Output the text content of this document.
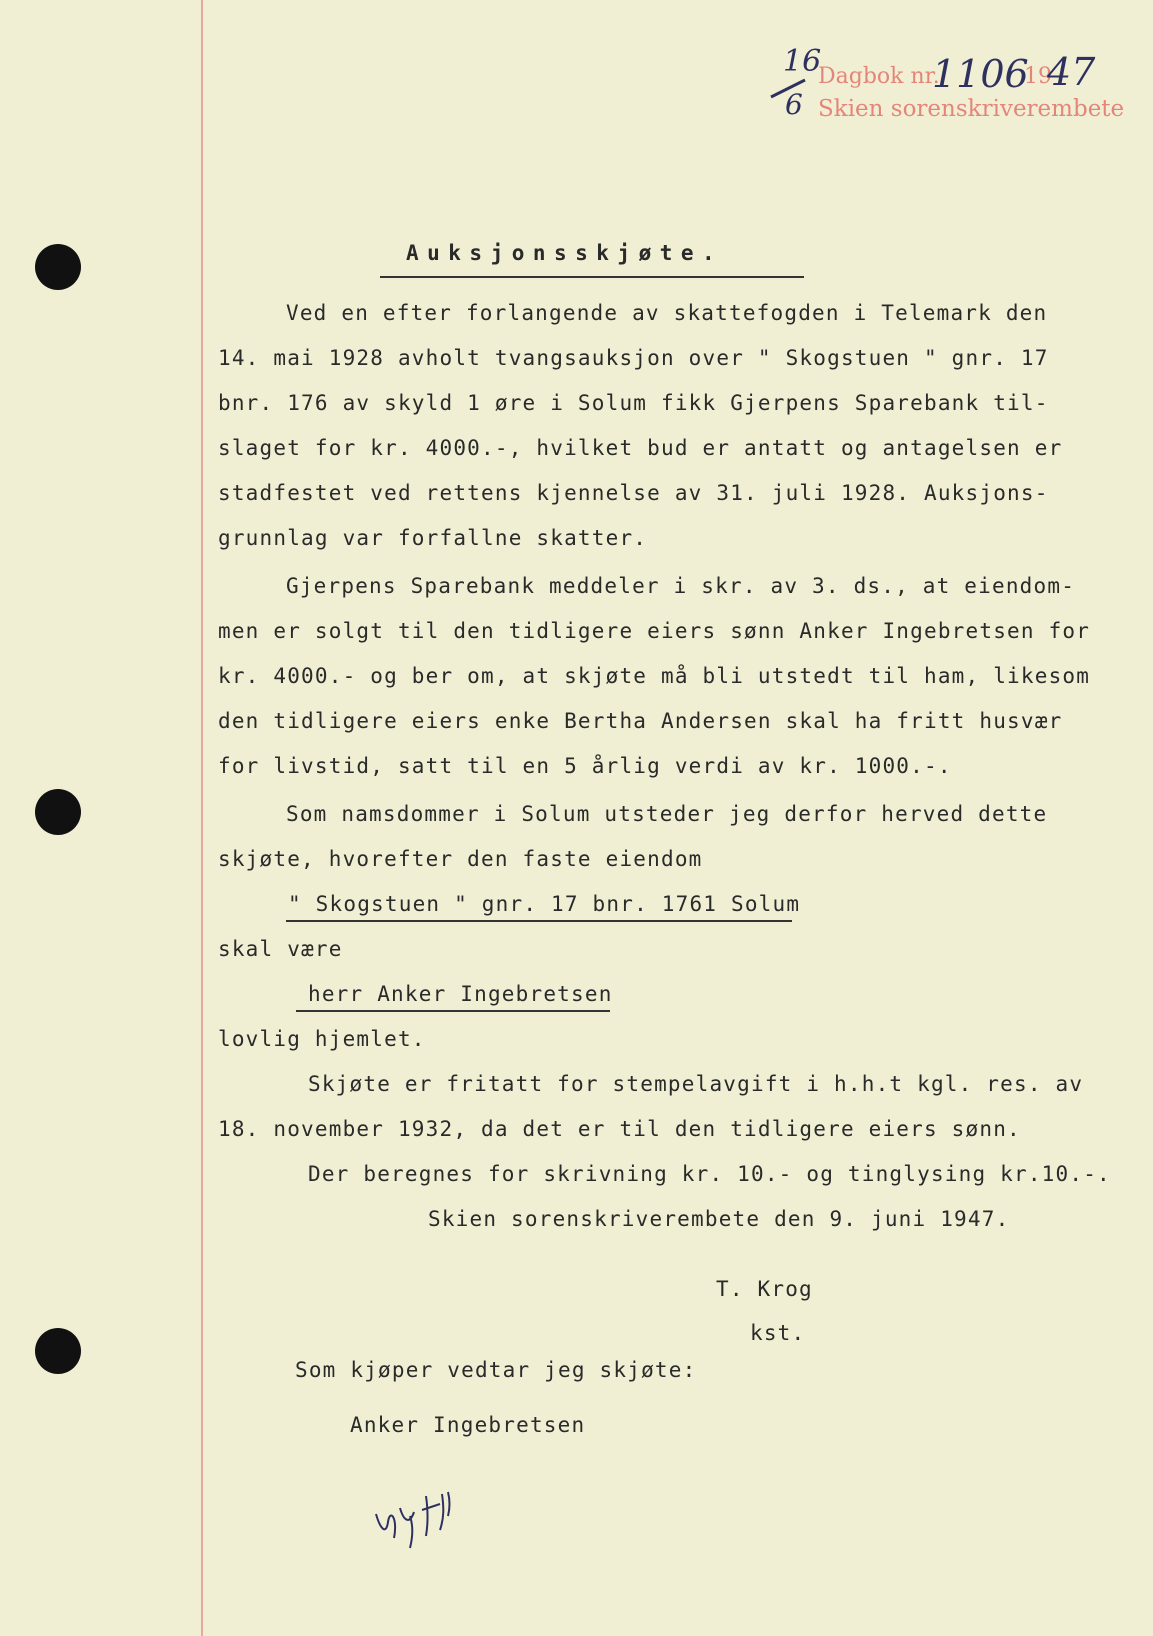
16
6
Dagbok nr.
1106
19
47
Skien sorenskriverembete
Auksjonsskjøte.
Ved en efter forlangende av skattefogden i Telemark den
14. mai 1928 avholt tvangsauksjon over " Skogstuen " gnr. 17
bnr. 176 av skyld 1 øre i Solum fikk Gjerpens Sparebank til-
slaget for kr. 4000.-, hvilket bud er antatt og antagelsen er
stadfestet ved rettens kjennelse av 31. juli 1928. Auksjons-
grunnlag var forfallne skatter.
Gjerpens Sparebank meddeler i skr. av 3. ds., at eiendom-
men er solgt til den tidligere eiers sønn Anker Ingebretsen for
kr. 4000.- og ber om, at skjøte må bli utstedt til ham, likesom
den tidligere eiers enke Bertha Andersen skal ha fritt husvær
for livstid, satt til en 5 årlig verdi av kr. 1000.-.
Som namsdommer i Solum utsteder jeg derfor herved dette
skjøte, hvorefter den faste eiendom
" Skogstuen " gnr. 17 bnr. 1761 Solum
skal være
herr Anker Ingebretsen
lovlig hjemlet.
Skjøte er fritatt for stempelavgift i h.h.t kgl. res. av
18. november 1932, da det er til den tidligere eiers sønn.
Der beregnes for skrivning kr. 10.- og tinglysing kr.10.-.
Skien sorenskriverembete den 9. juni 1947.
T. Krog
kst.
Som kjøper vedtar jeg skjøte:
Anker Ingebretsen
